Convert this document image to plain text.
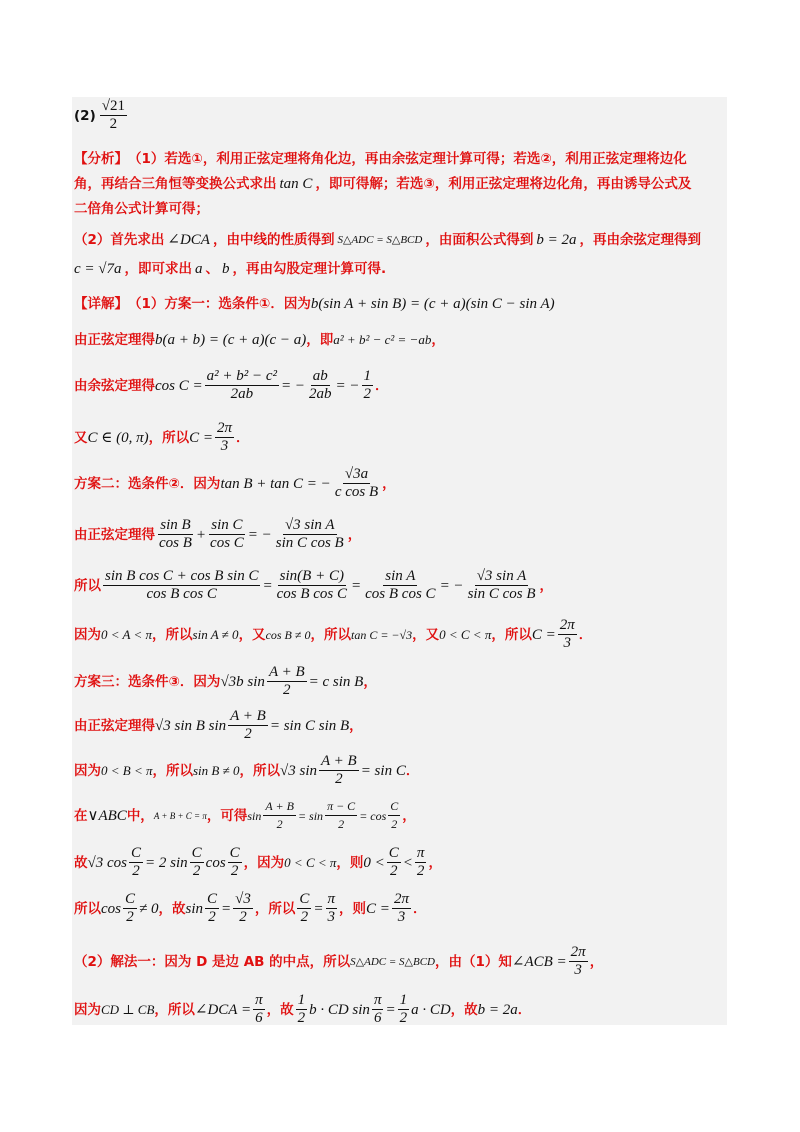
$(2) \frac{√21}{2}$
【分析】 （1）若选①，利用正弦定理将角化边，再由余弦定理计算可得；若选②，利用正弦定理将边化
角，再结合三角恒等变换公式求出 tan C ，即可得解；若选③，利用正弦定理将边化角，再由诱导公式及
二倍角公式计算可得；
（2）首先求出 ∠DCA ，由中线的性质得到 S△ADC = S△BCD ，由面积公式得到 b = 2a ，再由余弦定理得到
c = √7a ，即可求出 a 、 b ，再由勾股定理计算可得.
【详解】 （1）方案一：选条件①．因为 b(sin A + sin B) = (c + a)(sin C − sin A)
由正弦定理得 b(a + b) = (c + a)(c − a) ，即 a² + b² − c² = −ab ，
由余弦定理得 $\cos C = \frac{\text{a² + b² − c²}}{2ab}$ = − $\frac{ab}{2ab}$ = − $\frac{1}{2}$ ．
又 C ∈ (0, π) ，所以 $C = \frac{2\pi}{3}$ ．
方案二：选条件②．因为 tan B + tan C = − $\frac{√3a}{\text{c cos B}}$ ，
由正弦定理得 $\frac{\text{sin B}}{\text{cos B}} + \frac{\text{sin C}}{\text{cos C}}$ = − $\frac{\text{√3 sin A}}{\text{sin C cos B}}$ ，
所以 $\frac{\text{sin B cos C + cos B sin C}}{\text{cos B cos C}} = \frac{\sin(B + C)}{\text{cos B cos C}} = \frac{\text{sin A}}{\text{cos B cos C}}$ = − $\frac{\text{√3 sin A}}{\text{sin C cos B}}$ ，
因为 0 < A < π ，所以 sin A ≠ 0 ，又 cos B ≠ 0 ，所以 tan C = −√3 ，又 0 < C < π ，所以 $C = \frac{2\pi}{3}$ ．
方案三：选条件③．因为 √3b $\sin \frac{A + B}{2} = c$ sin B ，
由正弦定理得 √3 sin B $\sin \frac{A + B}{2} = \sin C$ sin B ，
因为 0 < B < π ，所以 sin B ≠ 0 ，所以 √3 $\sin \frac{A + B}{2} = \sin C$ ．
在 ∨ABC 中， A + B + C = π ，可得 $\sin \frac{A + B}{2} = \sin \frac{\pi - C}{2} = \cos \frac{C}{2}$ ，
故 √3 $\cos \frac{C}{2} = 2$ $\sin \frac{C}{2}$ $\cos \frac{C}{2}$ ， 因为 0 < C < π ，则 $0 < \frac{C}{2} < \frac{\pi}{2}$ ，
所以 $\cos \frac{C}{2} \ne 0$ ，故 $\sin \frac{C}{2} = \frac{√3}{2}$ ，所以 $\frac{C}{2} = \frac{\pi}{3}$ ，则 $C = \frac{2\pi}{3}$ ．
（2）解法一：因为 D 是边 AB 的中点，所以 S△ADC = S△BCD ，由（1）知 ∠ACB = $\frac{2\pi}{3}$ ，
因为 CD ⊥ CB ，所以 ∠DCA = $\frac{\pi}{6}$ ，故 $\frac{1}{2}$ b · CD $\sin \frac{\pi}{6} = \frac{1}{2}$ a · CD ，故 b = 2a ．
